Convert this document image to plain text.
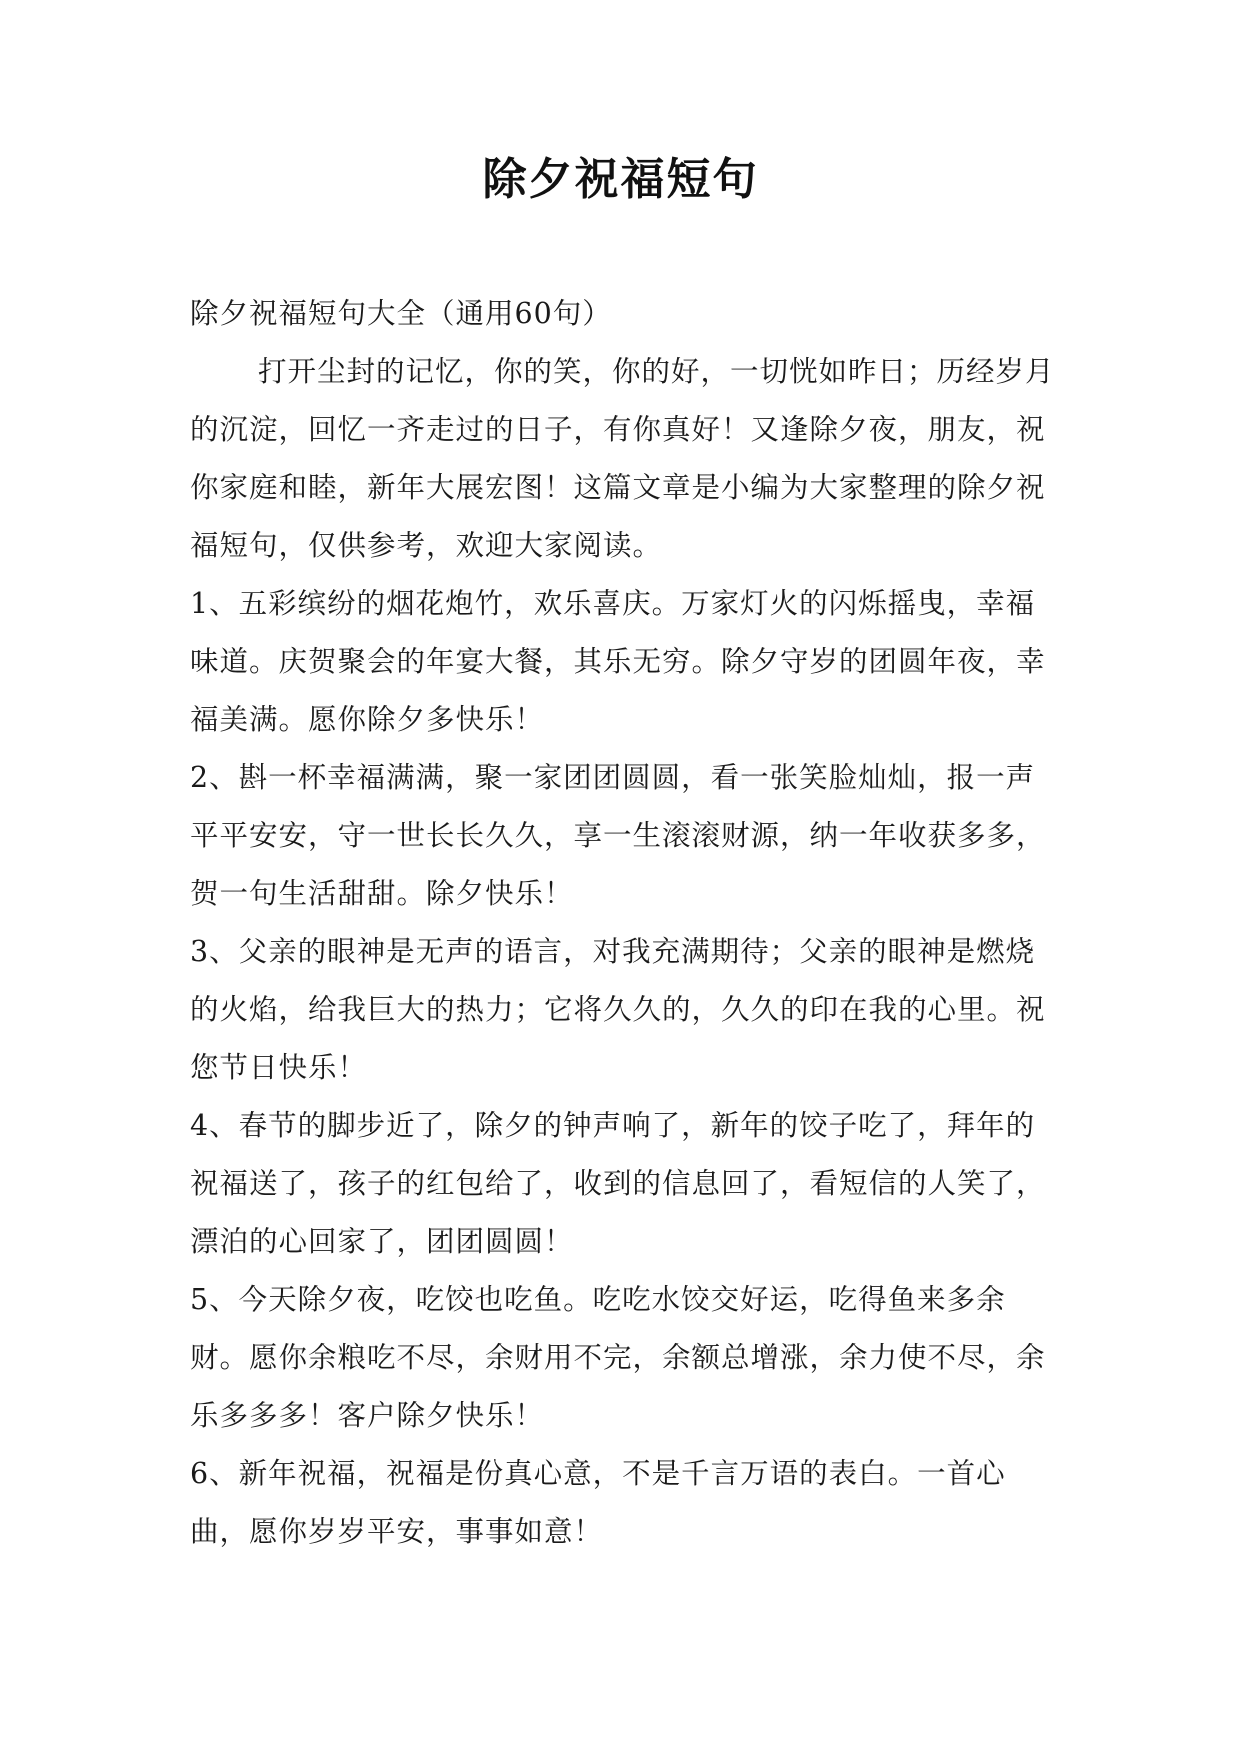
除夕祝福短句

除夕祝福短句大全（通用60句）

打开尘封的记忆，你的笑，你的好，一切恍如昨日；历经岁月的沉淀，回忆一齐走过的日子，有你真好！又逢除夕夜，朋友，祝你家庭和睦，新年大展宏图！这篇文章是小编为大家整理的除夕祝福短句，仅供参考，欢迎大家阅读。

1、五彩缤纷的烟花炮竹，欢乐喜庆。万家灯火的闪烁摇曳，幸福味道。庆贺聚会的年宴大餐，其乐无穷。除夕守岁的团圆年夜，幸福美满。愿你除夕多快乐！

2、斟一杯幸福满满，聚一家团团圆圆，看一张笑脸灿灿，报一声平平安安，守一世长长久久，享一生滚滚财源，纳一年收获多多，贺一句生活甜甜。除夕快乐！

3、父亲的眼神是无声的语言，对我充满期待；父亲的眼神是燃烧的火焰，给我巨大的热力；它将久久的，久久的印在我的心里。祝您节日快乐！

4、春节的脚步近了，除夕的钟声响了，新年的饺子吃了，拜年的祝福送了，孩子的红包给了，收到的信息回了，看短信的人笑了，漂泊的心回家了，团团圆圆！

5、今天除夕夜，吃饺也吃鱼。吃吃水饺交好运，吃得鱼来多余财。愿你余粮吃不尽，余财用不完，余额总增涨，余力使不尽，余乐多多多！客户除夕快乐！

6、新年祝福，祝福是份真心意，不是千言万语的表白。一首心曲，愿你岁岁平安，事事如意！
